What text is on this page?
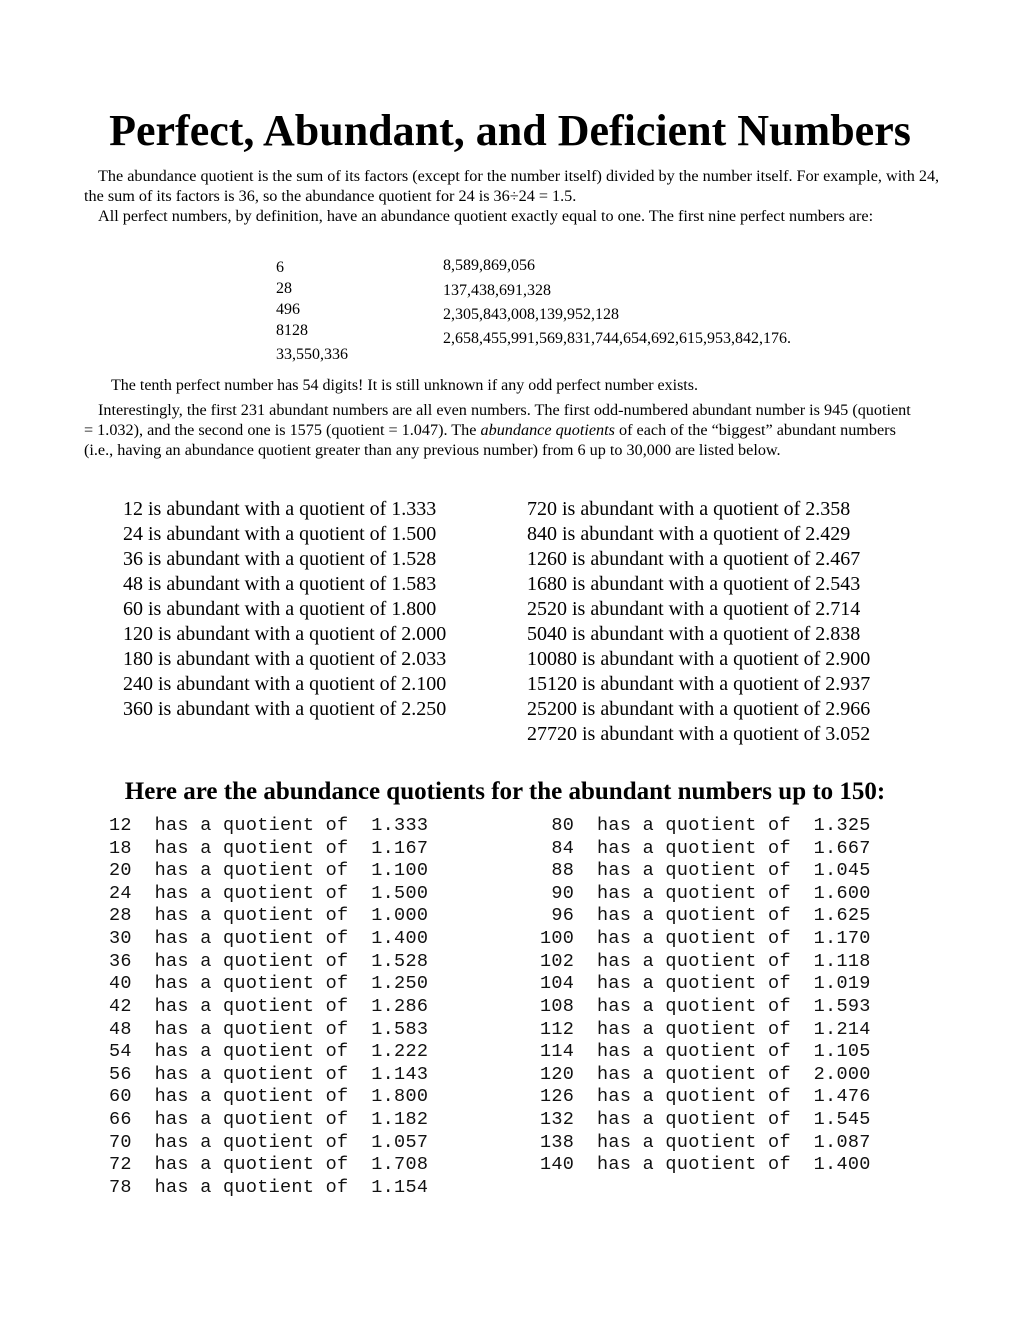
Perfect, Abundant, and Deficient Numbers

The abundance quotient is the sum of its factors (except for the number itself) divided by the number itself. For example, with 24, the sum of its factors is 36, so the abundance quotient for 24 is 36÷24 = 1.5.

All perfect numbers, by definition, have an abundance quotient exactly equal to one. The first nine perfect numbers are:

6
28
496
8128
33,550,336
8,589,869,056
137,438,691,328
2,305,843,008,139,952,128
2,658,455,991,569,831,744,654,692,615,953,842,176.
The tenth perfect number has 54 digits! It is still unknown if any odd perfect number exists.

Interestingly, the first 231 abundant numbers are all even numbers. The first odd-numbered abundant number is 945 (quotient = 1.032), and the second one is 1575 (quotient = 1.047). The abundance quotients of each of the “biggest” abundant numbers (i.e., having an abundance quotient greater than any previous number) from 6 up to 30,000 are listed below.

12 is abundant with a quotient of 1.333
24 is abundant with a quotient of 1.500
36 is abundant with a quotient of 1.528
48 is abundant with a quotient of 1.583
60 is abundant with a quotient of 1.800
120 is abundant with a quotient of 2.000
180 is abundant with a quotient of 2.033
240 is abundant with a quotient of 2.100
360 is abundant with a quotient of 2.250
720 is abundant with a quotient of 2.358
840 is abundant with a quotient of 2.429
1260 is abundant with a quotient of 2.467
1680 is abundant with a quotient of 2.543
2520 is abundant with a quotient of 2.714
5040 is abundant with a quotient of 2.838
10080 is abundant with a quotient of 2.900
15120 is abundant with a quotient of 2.937
25200 is abundant with a quotient of 2.966
27720 is abundant with a quotient of 3.052
Here are the abundance quotients for the abundant numbers up to 150:
12  has a quotient of  1.333
18  has a quotient of  1.167
20  has a quotient of  1.100
24  has a quotient of  1.500
28  has a quotient of  1.000
30  has a quotient of  1.400
36  has a quotient of  1.528
40  has a quotient of  1.250
42  has a quotient of  1.286
48  has a quotient of  1.583
54  has a quotient of  1.222
56  has a quotient of  1.143
60  has a quotient of  1.800
66  has a quotient of  1.182
70  has a quotient of  1.057
72  has a quotient of  1.708
78  has a quotient of  1.154
80  has a quotient of  1.325
84  has a quotient of  1.667
88  has a quotient of  1.045
90  has a quotient of  1.600
96  has a quotient of  1.625
100  has a quotient of  1.170
102  has a quotient of  1.118
104  has a quotient of  1.019
108  has a quotient of  1.593
112  has a quotient of  1.214
114  has a quotient of  1.105
120  has a quotient of  2.000
126  has a quotient of  1.476
132  has a quotient of  1.545
138  has a quotient of  1.087
140  has a quotient of  1.400
